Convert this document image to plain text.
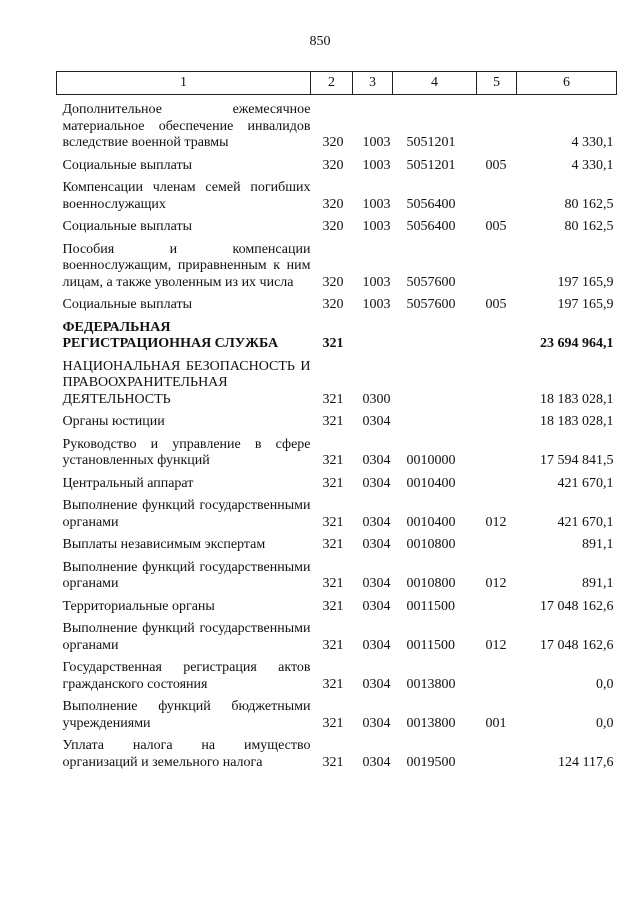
850
1	2	3	4	5	6

Дополнительное ежемесячное материальное обеспечение инвалидов вследствие военной травмы	320	1003	5051201		4 330,1

Социальные выплаты	320	1003	5051201	005	4 330,1

Компенсации членам семей погибших военнослужащих	320	1003	5056400		80 162,5

Социальные выплаты	320	1003	5056400	005	80 162,5

Пособия и компенсации военнослужащим, приравненным к ним лицам, а также уволенным из их числа	320	1003	5057600		197 165,9

Социальные выплаты	320	1003	5057600	005	197 165,9

ФЕДЕРАЛЬНАЯ РЕГИСТРАЦИОННАЯ СЛУЖБА	321				23 694 964,1

НАЦИОНАЛЬНАЯ БЕЗОПАСНОСТЬ И ПРАВООХРАНИТЕЛЬНАЯ ДЕЯТЕЛЬНОСТЬ	321	0300			18 183 028,1

Органы юстиции	321	0304			18 183 028,1

Руководство и управление в сфере установленных функций	321	0304	0010000		17 594 841,5

Центральный аппарат	321	0304	0010400		421 670,1

Выполнение функций государственными органами	321	0304	0010400	012	421 670,1

Выплаты независимым экспертам	321	0304	0010800		891,1

Выполнение функций государственными органами	321	0304	0010800	012	891,1

Территориальные органы	321	0304	0011500		17 048 162,6

Выполнение функций государственными органами	321	0304	0011500	012	17 048 162,6

Государственная регистрация актов гражданского состояния	321	0304	0013800		0,0

Выполнение функций бюджетными учреждениями	321	0304	0013800	001	0,0

Уплата налога на имущество организаций и земельного налога	321	0304	0019500		124 117,6
